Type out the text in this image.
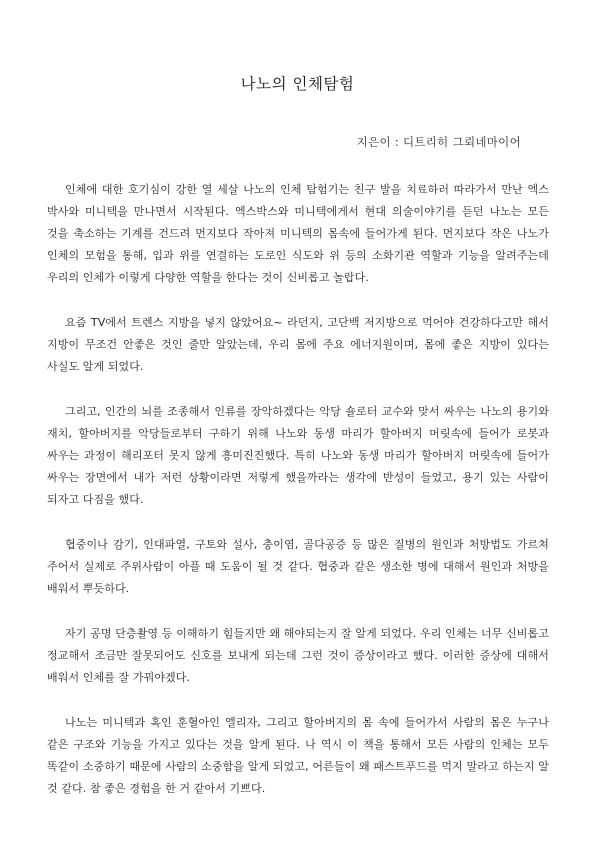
나노의 인체탐험
지은이 : 디트리히 그뢰네마이어

인체에 대한 호기심이 강한 열 세살 나노의 인체 탐험기는 친구 발을 치료하러 따라가서 만난 엑스 박사와 미니텍을 만나면서 시작된다. 엑스박스와 미니텍에게서 현대 의술이야기를 듣던 나노는 모든 것을 축소하는 기계를 건드려 먼지보다 작아져 미니텍의 몸속에 들어가게 된다. 먼지보다 작은 나노가 인체의 모험을 통해, 입과 위를 연결하는 도로인 식도와 위 등의 소화기관 역할과 기능을 알려주는데 우리의 인체가 이렇게 다양한 역할을 한다는 것이 신비롭고 놀랍다.

요즘 TV에서 트렌스 지방을 넣지 않았어요~ 라던지, 고단백 저지방으로 먹어야 건강하다고만 해서 지방이 무조건 안좋은 것인 줄만 알았는데, 우리 몸에 주요 에너지원이며, 몸에 좋은 지방이 있다는 사실도 알게 되었다.

그리고, 인간의 뇌를 조종해서 인류를 장악하겠다는 악당 숄로터 교수와 맞서 싸우는 나노의 용기와 재치, 할아버지를 악당들로부터 구하기 위해 나노와 동생 마리가 할아버지 머릿속에 들어가 로봇과 싸우는 과정이 해리포터 못지 않게 흥미진진했다. 특히 나노와 동생 마리가 할아버지 머릿속에 들어가 싸우는 장면에서 내가 저런 상황이라면 저렇게 했을까라는 생각에 반성이 들었고, 용기 있는 사람이 되자고 다짐을 했다.

협중이나 감기, 인대파열, 구토와 설사, 충이염, 골다공증 등 많은 질병의 원인과 처방법도 가르쳐 주어서 실제로 주위사람이 아플 때 도움이 될 것 같다. 협중과 같은 생소한 병에 대해서 원인과 처방을 배워서 뿌듯하다.

자기 공명 단층촬영 등 이해하기 힘들지만 왜 해야되는지 잘 알게 되었다. 우리 인체는 너무 신비롭고 정교해서 조금만 잘못되어도 신호를 보내게 되는데 그런 것이 증상이라고 했다. 이러한 증상에 대해서 배워서 인체를 잘 가꿔야겠다.

나노는 미니텍과 혹인 훈혈아인 엘리자, 그리고 할아버지의 몸 속에 들어가서 사람의 몸은 누구나 같은 구조와 기능을 가지고 있다는 것을 알게 된다. 나 역시 이 책을 통해서 모든 사람의 인체는 모두 똑같이 소중하기 때문에 사람의 소중함을 알게 되었고, 어른들이 왜 패스트푸드를 먹지 말라고 하는지 알 것 같다. 참 좋은 경험을 한 거 같아서 기쁘다.
